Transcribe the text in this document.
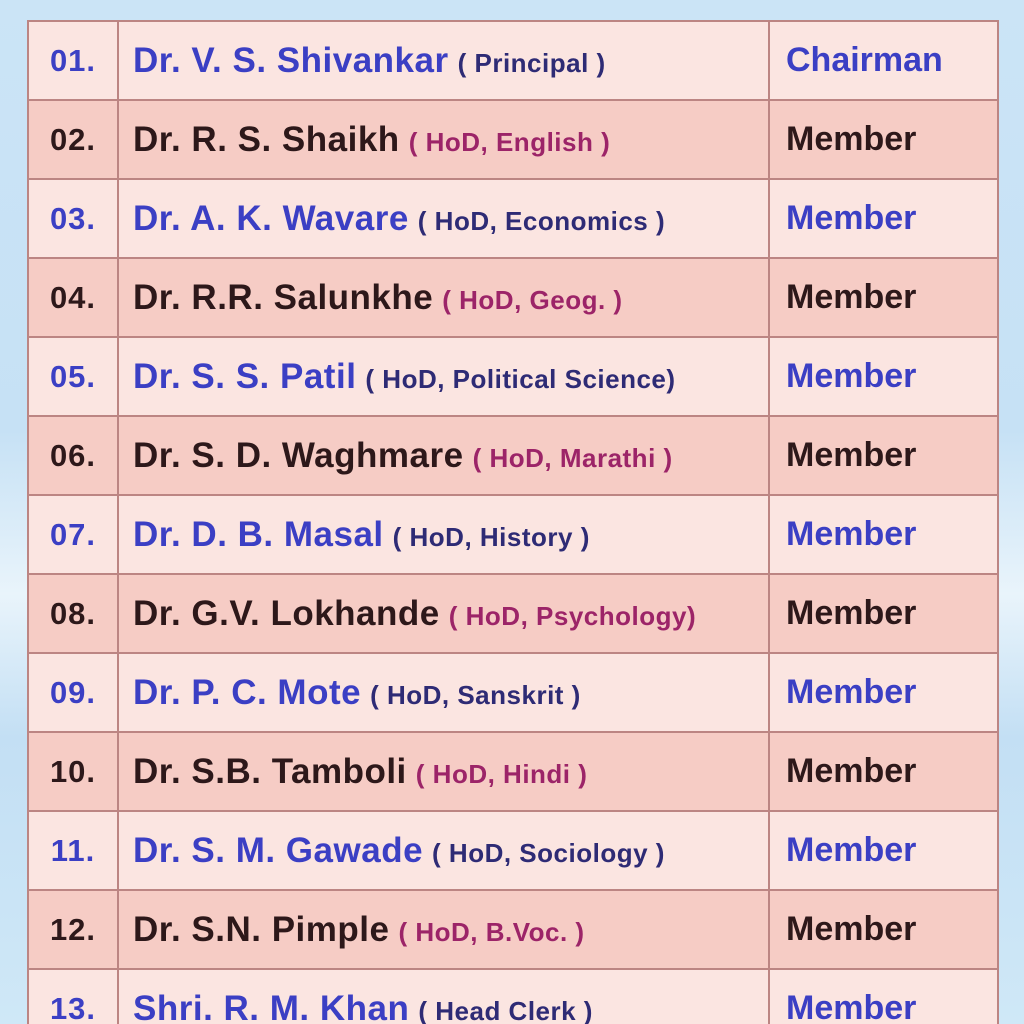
01.	Dr. V. S. Shivankar ( Principal )	Chairman
02.	Dr. R. S. Shaikh ( HoD, English )	Member
03.	Dr. A. K. Wavare ( HoD, Economics )	Member
04.	Dr. R.R. Salunkhe ( HoD, Geog. )	Member
05.	Dr. S. S. Patil ( HoD, Political Science)	Member
06.	Dr. S. D. Waghmare ( HoD, Marathi )	Member
07.	Dr. D. B. Masal ( HoD, History )	Member
08.	Dr. G.V. Lokhande ( HoD, Psychology)	Member
09.	Dr. P. C. Mote ( HoD, Sanskrit )	Member
10.	Dr. S.B. Tamboli ( HoD, Hindi )	Member
11.	Dr. S. M. Gawade ( HoD, Sociology )	Member
12.	Dr. S.N. Pimple ( HoD, B.Voc. )	Member
13.	Shri. R. M. Khan ( Head Clerk )	Member
